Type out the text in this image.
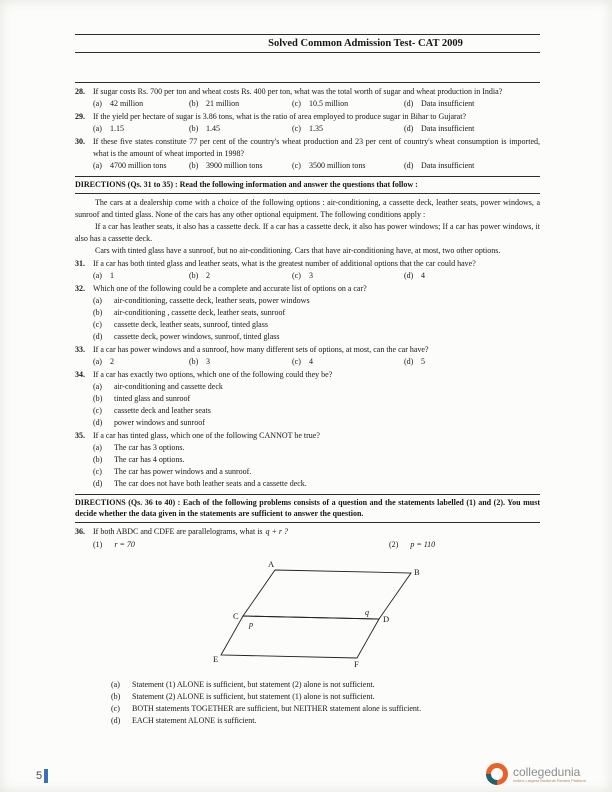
Solved Common Admission Test- CAT 2009
28.	If sugar costs Rs. 700 per ton and wheat costs Rs. 400 per ton, what was the total worth of sugar and wheat production in India?
(a)	42 million	(b) 21 million	(c)	10.5 million	(d) Data insufficient
29.	If the yield per hectare of sugar is 3.86 tons, what is the ratio of area employed to produce sugar in Bihar to Gujarat?
(a)	1.15	(b) 1.45	(c)	1.35	(d) Data insufficient
30.	If these five states constitute 77 per cent of the country's wheat production and 23 per cent of country's wheat consumption is imported, what is the amount of wheat imported in 1998?
(a)	4700 million tons	(b) 3900 million tons	(c)	3500 million tons	(d) Data insufficient
DIRECTIONS (Qs. 31 to 35) : Read the following information and answer the questions that follow :
The cars at a dealership come with a choice of the following options : air-conditioning, a cassette deck, leather seats, power windows, a sunroof and tinted glass. None of the cars has any other optional equipment. The following conditions apply :
If a car has leather seats, it also has a cassette deck. If a car has a cassette deck, it also has power windows; If a car has power windows, it also has a cassette deck.
Cars with tinted glass have a sunroof, but no air-conditioning. Cars that have air-conditioning have, at most, two other options.
31.	If a car has both tinted glass and leather seats, what is the greatest number of additional options that the car could have?
(a)	1	(b) 2	(c)	3	(d) 4
32.	Which one of the following could be a complete and accurate list of options on a car?
(a)	air-conditioning, cassette deck, leather seats, power windows
(b)	air-conditioning , cassette deck, leather seats, sunroof
(c)	cassette deck, leather seats, sunroof, tinted glass
(d)	cassette deck, power windows, sunroof, tinted glass
33.	If a car has power windows and a sunroof, how many different sets of options, at most, can the car have?
(a)	2	(b) 3	(c)	4	(d) 5
34.	If a car has exactly two options, which one of the following could they be?
(a)	air-conditioning and cassette deck
(b)	tinted glass and sunroof
(c)	cassette deck and leather seats
(d)	power windows and sunroof
35.	If a car has tinted glass, which one of the following CANNOT be true?
(a)	The car has 3 options.
(b)	The car has 4 options.
(c)	The car has power windows and a sunroof.
(d)	The car does not have both leather seats and a cassette deck.
DIRECTIONS (Qs. 36 to 40) : Each of the following problems consists of a question and the statements labelled (1) and (2). You must decide whether the data given in the statements are sufficient to answer the question.
36.	If both ABDC and CDFE are parallelograms, what is q + r ?
(1) r = 70	(2) p = 110
A
B
C	D
E	F
p
q
(a)	Statement (1) ALONE is sufficient, but statement (2) alone is not sufficient.
(b)	Statement (2) ALONE is sufficient, but statement (1) alone is not sufficient.
(c)	BOTH statements TOGETHER are sufficient, but NEITHER statement alone is sufficient.
(d)	EACH statement ALONE is sufficient.
5	collegedunia
India's Largest Students Review Platform
